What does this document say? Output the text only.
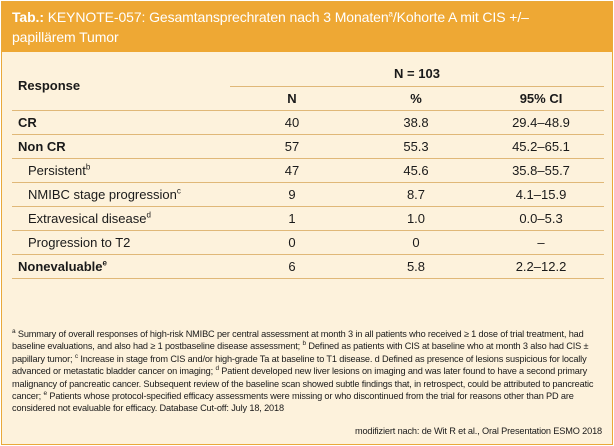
Tab.: KEYNOTE-057: Gesamtansprechraten nach 3 Monaten$^a$/Kohorte A mit CIS +/–
papillärem Tumor
Response	N = 103		
	N	%	95% CI
CR	40	38.8	29.4–48.9
Non CR	57	55.3	45.2–65.1
Persistent$^b$	47	45.6	35.8–55.7
NMIBC stage progression$^c$	9	8.7	4.1–15.9
Extravesical disease$^d$	1	1.0	0.0–5.3
Progression to T2	0	0	–
Nonevaluable$^e$	6	5.8	2.2–12.2
$^a$ Summary of overall responses of high-risk NMIBC per central assessment at month 3 in all patients who received ≥ 1 dose of trial treatment, had baseline evaluations, and also had ≥ 1 postbaseline disease assessment; $^b$ Defined as patients with CIS at baseline who at month 3 also had CIS ± papillary tumor; $^c$ Increase in stage from CIS and/or high-grade Ta at baseline to T1 disease. d Defined as presence of lesions suspicious for locally advanced or metastatic bladder cancer on imaging; $^d$ Patient developed new liver lesions on imaging and was later found to have a second primary malignancy of pancreatic cancer. Subsequent review of the baseline scan showed subtle findings that, in retrospect, could be attributed to pancreatic cancer; $^e$ Patients whose protocol-specified efficacy assessments were missing or who discontinued from the trial for reasons other than PD are considered not evaluable for efficacy. Database Cut-off: July 18, 2018
modifiziert nach: de Wit R et al., Oral Presentation ESMO 2018
